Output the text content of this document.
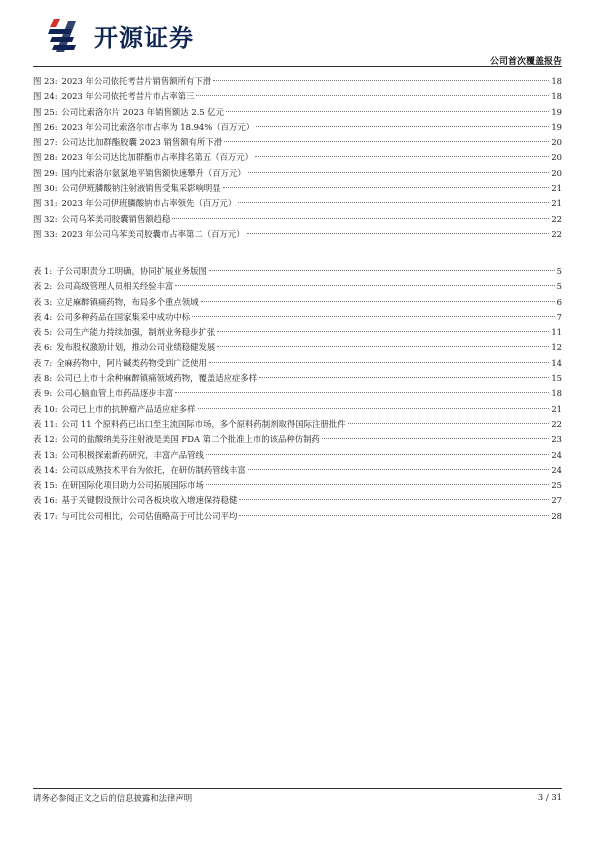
开源证券
公司首次覆盖报告
图 23: 2023 年公司依托考昔片销售额所有下滑	18
图 24: 2023 年公司依托考昔片市占率第三	18
图 25: 公司比索洛尔片 2023 年销售额达 2.5 亿元	19
图 26: 2023 年公司比索洛尔市占率为 18.94%（百万元）	19
图 27: 公司达比加群酯胶囊 2023 销售额有所下滑	20
图 28: 2023 年公司达比加群酯市占率排名第五（百万元）	20
图 29: 国内比索洛尔氨氯地平销售额快速攀升（百万元）	20
图 30: 公司伊班膦酸钠注射液销售受集采影响明显	21
图 31: 2023 年公司伊班膦酸钠市占率领先（百万元）	21
图 32: 公司乌苯美司胶囊销售额趋稳	22
图 33: 2023 年公司乌苯美司胶囊市占率第二（百万元）	22
表 1: 子公司职责分工明确，协同扩展业务版图	5
表 2: 公司高级管理人员相关经验丰富	5
表 3: 立足麻醉镇痛药物，布局多个重点领域	6
表 4: 公司多种药品在国家集采中成功中标	7
表 5: 公司生产能力持续加强，制剂业务稳步扩张	11
表 6: 发布股权激励计划，推动公司业绩稳健发展	12
表 7: 全麻药物中，阿片碱类药物受到广泛使用	14
表 8: 公司已上市十余种麻醉镇痛领域药物，覆盖适应症多样	15
表 9: 公司心脑血管上市药品逐步丰富	18
表 10: 公司已上市的抗肿瘤产品适应症多样	21
表 11: 公司 11 个原料药已出口至主流国际市场，多个原料药制剂取得国际注册批件	22
表 12: 公司的盐酸纳美芬注射液是美国 FDA 第二个批准上市的该品种仿制药	23
表 13: 公司积极探索新药研究，丰富产品管线	24
表 14: 公司以成熟技术平台为依托，在研仿制药管线丰富	24
表 15: 在研国际化项目助力公司拓展国际市场	25
表 16: 基于关键假设预计公司各板块收入增速保持稳健	27
表 17: 与可比公司相比，公司估值略高于可比公司平均	28
请务必参阅正文之后的信息披露和法律声明	3 / 31
